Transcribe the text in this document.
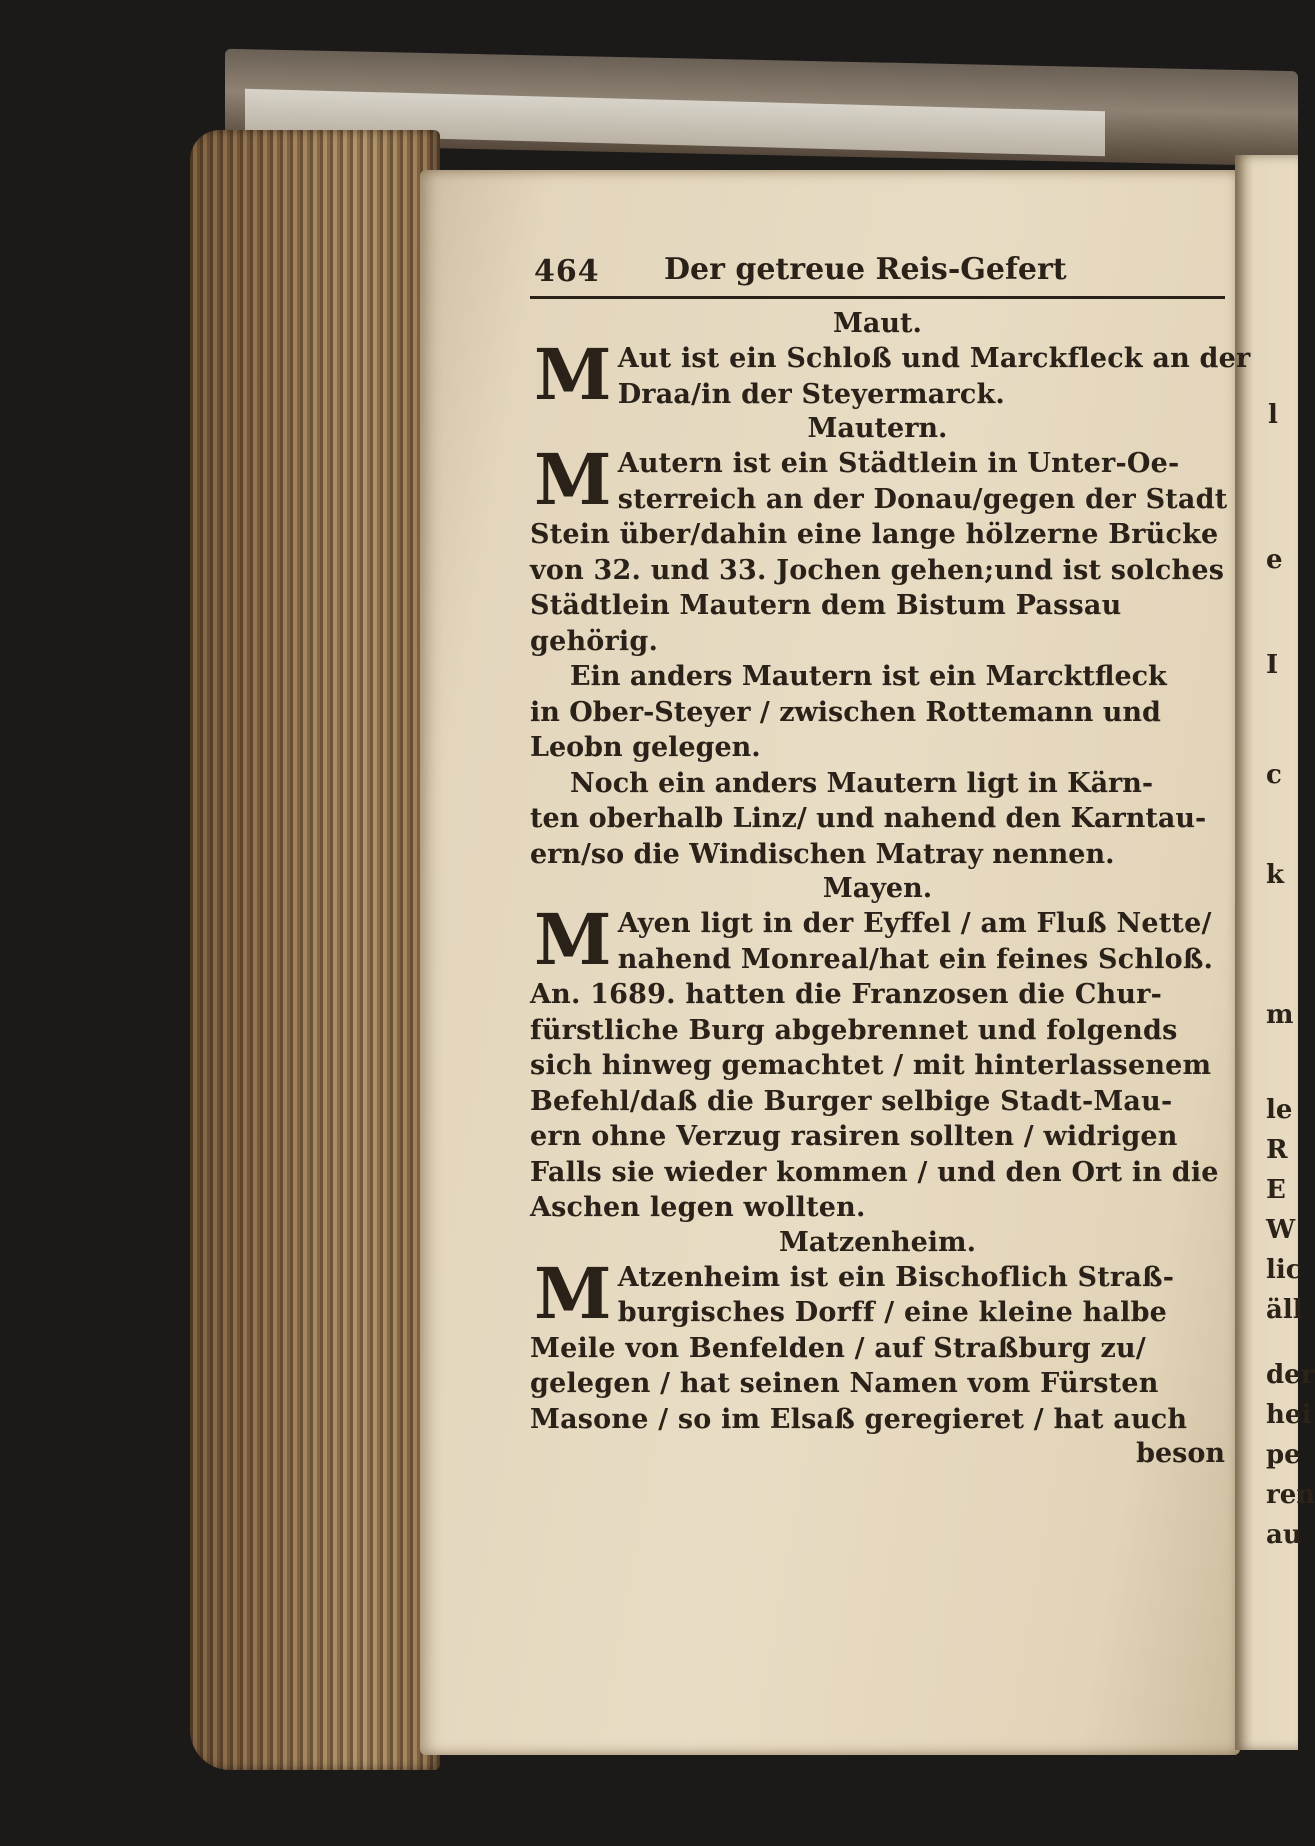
l
e
I
c
k
m
le
R
E
W
lic
äll
der
hei
pe
ren
au
464 Der getreue Reis-Gefert

Maut.

M Aut ist ein Schloß und Marckfleck an der
Draa/in der Steyermarck.

Mautern.

M Autern ist ein Städtlein in Unter-Oe-
sterreich an der Donau/gegen der Stadt
Stein über/dahin eine lange hölzerne Brücke
von 32. und 33. Jochen gehen;und ist solches
Städtlein Mautern dem Bistum Passau
gehörig.
Ein anders Mautern ist ein Marcktfleck
in Ober-Steyer / zwischen Rottemann und
Leobn gelegen.
Noch ein anders Mautern ligt in Kärn-
ten oberhalb Linz/ und nahend den Karntau-
ern/so die Windischen Matray nennen.

Mayen.

M Ayen ligt in der Eyffel / am Fluß Nette/
nahend Monreal/hat ein feines Schloß.
An. 1689. hatten die Franzosen die Chur-
fürstliche Burg abgebrennet und folgends
sich hinweg gemachtet / mit hinterlassenem
Befehl/daß die Burger selbige Stadt-Mau-
ern ohne Verzug rasiren sollten / widrigen
Falls sie wieder kommen / und den Ort in die
Aschen legen wollten.

Matzenheim.

M Atzenheim ist ein Bischoflich Straß-
burgisches Dorff / eine kleine halbe
Meile von Benfelden / auf Straßburg zu/
gelegen / hat seinen Namen vom Fürsten
Masone / so im Elsaß geregieret / hat auch
beson
